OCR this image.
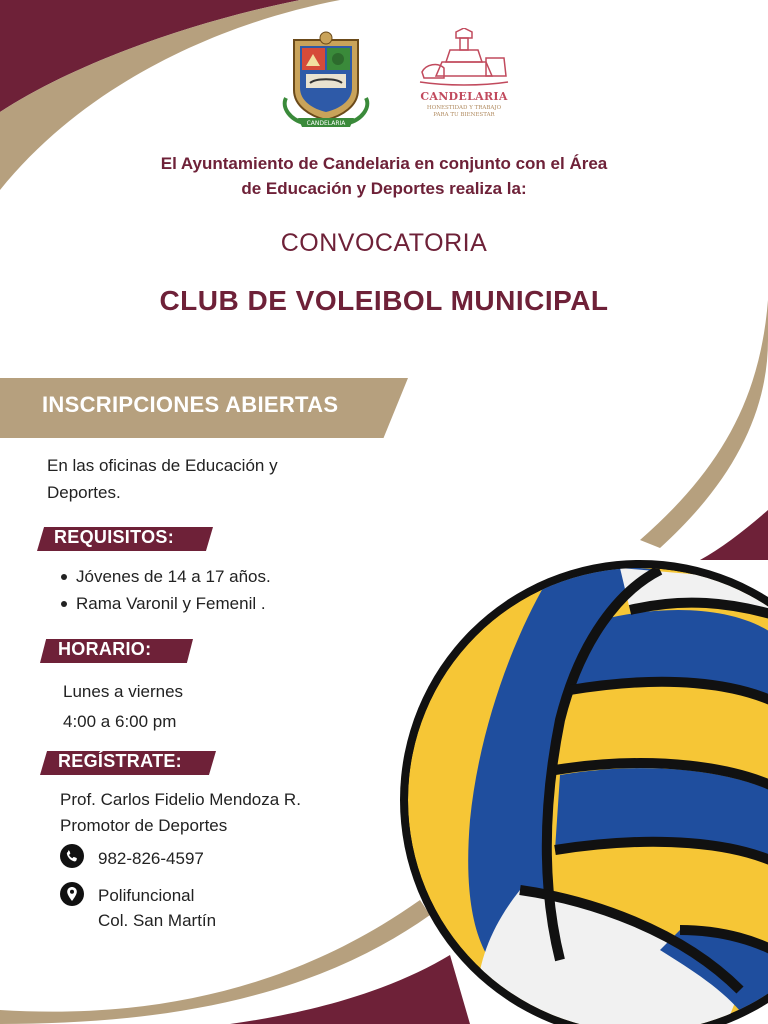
CANDELARIA
CANDELARIA
HONESTIDAD Y TRABAJO
PARA TU BIENESTAR
El Ayuntamiento de Candelaria en conjunto con el Área
de Educación y Deportes realiza la:
CONVOCATORIA
CLUB DE VOLEIBOL MUNICIPAL
INSCRIPCIONES ABIERTAS
En las oficinas de Educación y
Deportes.
REQUISITOS:
Jóvenes de 14 a 17 años.
Rama Varonil y Femenil .
HORARIO:
Lunes a viernes
4:00 a 6:00 pm
REGÍSTRATE:
Prof. Carlos Fidelio Mendoza R.
Promotor de Deportes
982-826-4597
Polifuncional
Col. San Martín
